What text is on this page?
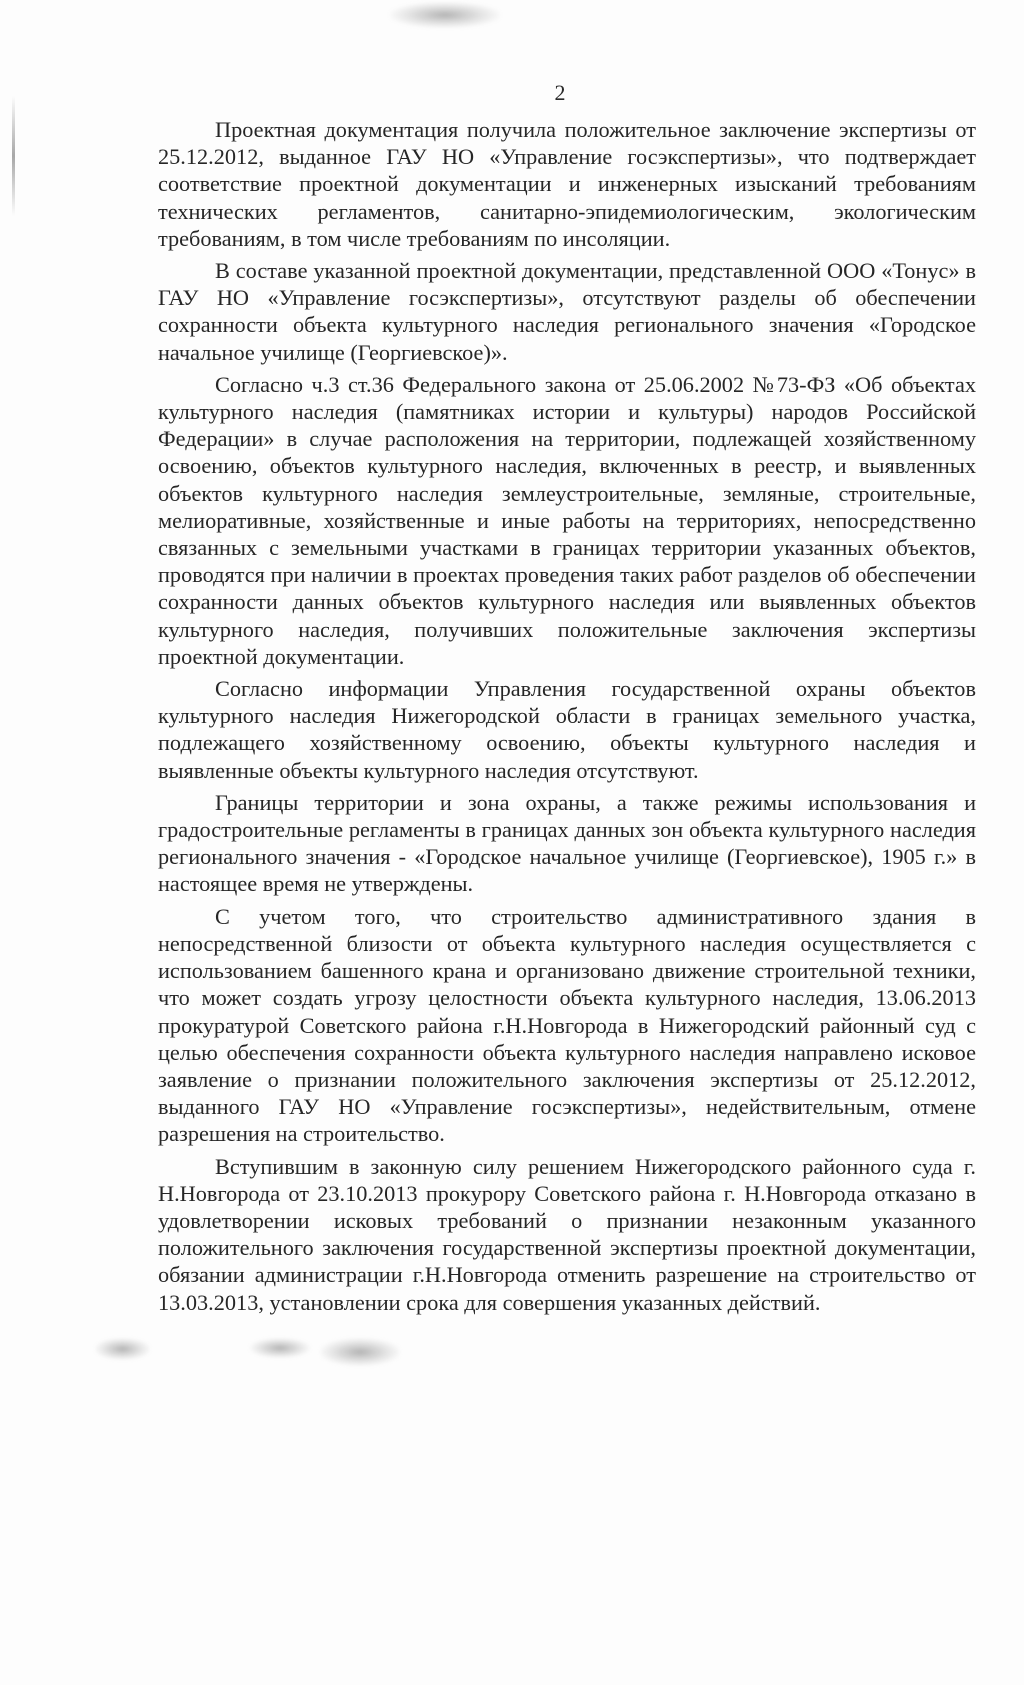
2

Проектная документация получила положительное заключение экспертизы от 25.12.2012, выданное ГАУ НО «Управление госэкспертизы», что подтверждает соответствие проектной документации и инженерных изысканий требованиям технических регламентов, санитарно-эпидемиологическим, экологическим требованиям, в том числе требованиям по инсоляции.

В составе указанной проектной документации, представленной ООО «Тонус» в ГАУ НО «Управление госэкспертизы», отсутствуют разделы об обеспечении сохранности объекта культурного наследия регионального значения «Городское начальное училище (Георгиевское)».

Согласно ч.3 ст.36 Федерального закона от 25.06.2002 №73-ФЗ «Об объектах культурного наследия (памятниках истории и культуры) народов Российской Федерации» в случае расположения на территории, подлежащей хозяйственному освоению, объектов культурного наследия, включенных в реестр, и выявленных объектов культурного наследия землеустроительные, земляные, строительные, мелиоративные, хозяйственные и иные работы на территориях, непосредственно связанных с земельными участками в границах территории указанных объектов, проводятся при наличии в проектах проведения таких работ разделов об обеспечении сохранности данных объектов культурного наследия или выявленных объектов культурного наследия, получивших положительные заключения экспертизы проектной документации.

Согласно информации Управления государственной охраны объектов культурного наследия Нижегородской области в границах земельного участка, подлежащего хозяйственному освоению, объекты культурного наследия и выявленные объекты культурного наследия отсутствуют.

Границы территории и зона охраны, а также режимы использования и градостроительные регламенты в границах данных зон объекта культурного наследия регионального значения - «Городское начальное училище (Георгиевское), 1905 г.» в настоящее время не утверждены.

С учетом того, что строительство административного здания в непосредственной близости от объекта культурного наследия осуществляется с использованием башенного крана и организовано движение строительной техники, что может создать угрозу целостности объекта культурного наследия, 13.06.2013 прокуратурой Советского района г.Н.Новгорода в Нижегородский районный суд с целью обеспечения сохранности объекта культурного наследия направлено исковое заявление о признании положительного заключения экспертизы от 25.12.2012, выданного ГАУ НО «Управление госэкспертизы», недействительным, отмене разрешения на строительство.

Вступившим в законную силу решением Нижегородского районного суда г. Н.Новгорода от 23.10.2013 прокурору Советского района г. Н.Новгорода отказано в удовлетворении исковых требований о признании незаконным указанного положительного заключения государственной экспертизы проектной документации, обязании администрации г.Н.Новгорода отменить разрешение на строительство от 13.03.2013, установлении срока для совершения указанных действий.
